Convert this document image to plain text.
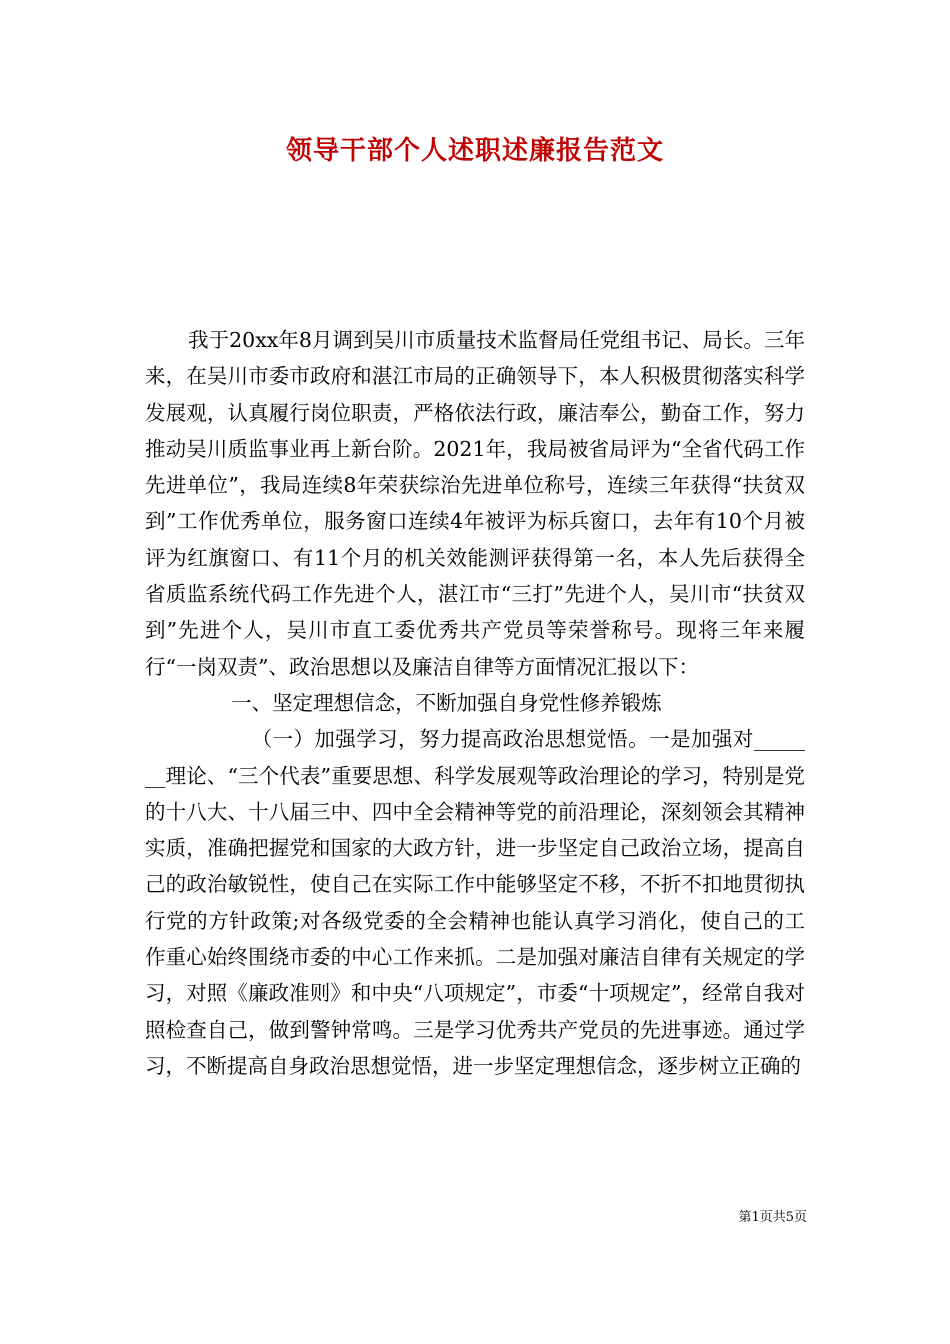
领导干部个人述职述廉报告范文

我于20xx年8月调到吴川市质量技术监督局任党组书记、局长。三年来，在吴川市委市政府和湛江市局的正确领导下，本人积极贯彻落实科学发展观，认真履行岗位职责，严格依法行政，廉洁奉公，勤奋工作，努力推动吴川质监事业再上新台阶。2021年，我局被省局评为“全省代码工作先进单位”，我局连续8年荣获综治先进单位称号，连续三年获得“扶贫双到”工作优秀单位，服务窗口连续4年被评为标兵窗口，去年有10个月被评为红旗窗口、有11个月的机关效能测评获得第一名，本人先后获得全省质监系统代码工作先进个人，湛江市“三打”先进个人，吴川市“扶贫双到”先进个人，吴川市直工委优秀共产党员等荣誉称号。现将三年来履行“一岗双责”、政治思想以及廉洁自律等方面情况汇报以下：

一、坚定理想信念，不断加强自身党性修养锻炼

（一）加强学习，努力提高政治思想觉悟。一是加强对_______理论、“三个代表”重要思想、科学发展观等政治理论的学习，特别是党的十八大、十八届三中、四中全会精神等党的前沿理论，深刻领会其精神实质，准确把握党和国家的大政方针，进一步坚定自己政治立场，提高自己的政治敏锐性，使自己在实际工作中能够坚定不移，不折不扣地贯彻执行党的方针政策;对各级党委的全会精神也能认真学习消化，使自己的工作重心始终围绕市委的中心工作来抓。二是加强对廉洁自律有关规定的学习，对照《廉政准则》和中央“八项规定”，市委“十项规定”，经常自我对照检查自己，做到警钟常鸣。三是学习优秀共产党员的先进事迹。通过学习，不断提高自身政治思想觉悟，进一步坚定理想信念，逐步树立正确的

第1页共5页
